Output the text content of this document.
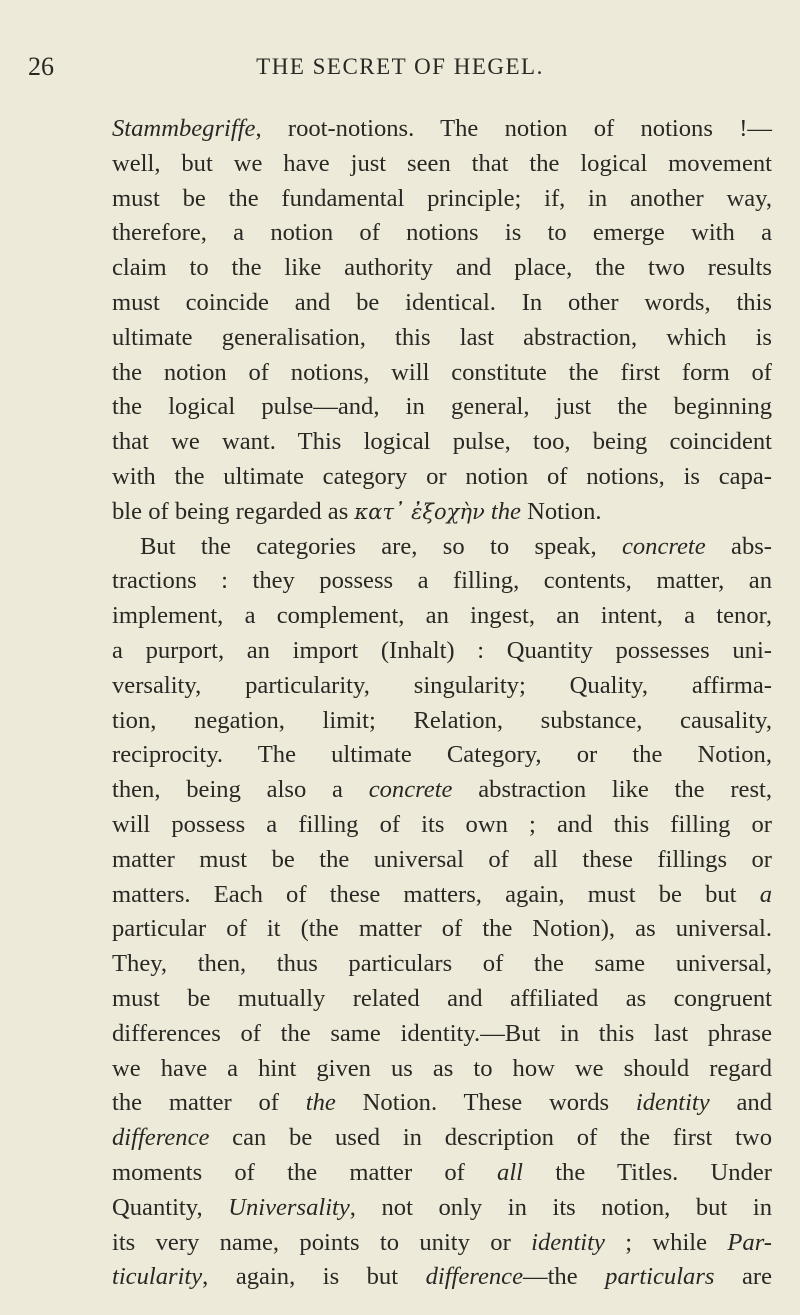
26	THE SECRET OF HEGEL.
Stammbegriffe, root-notions. The notion of notions !—
well, but we have just seen that the logical movement
must be the fundamental principle; if, in another way,
therefore, a notion of notions is to emerge with a
claim to the like authority and place, the two results
must coincide and be identical. In other words, this
ultimate generalisation, this last abstraction, which is
the notion of notions, will constitute the first form of
the logical pulse—and, in general, just the beginning
that we want. This logical pulse, too, being coincident
with the ultimate category or notion of notions, is capa-
ble of being regarded as κατ᾽ ἐξοχὴν the Notion.
But the categories are, so to speak, concrete abs-
tractions : they possess a filling, contents, matter, an
implement, a complement, an ingest, an intent, a tenor,
a purport, an import (Inhalt) : Quantity possesses uni-
versality, particularity, singularity; Quality, affirma-
tion, negation, limit; Relation, substance, causality,
reciprocity. The ultimate Category, or the Notion,
then, being also a concrete abstraction like the rest,
will possess a filling of its own ; and this filling or
matter must be the universal of all these fillings or
matters. Each of these matters, again, must be but a
particular of it (the matter of the Notion), as universal.
They, then, thus particulars of the same universal,
must be mutually related and affiliated as congruent
differences of the same identity.—But in this last phrase
we have a hint given us as to how we should regard
the matter of the Notion. These words identity and
difference can be used in description of the first two
moments of the matter of all the Titles. Under
Quantity, Universality, not only in its notion, but in
its very name, points to unity or identity ; while Par-
ticularity, again, is but difference—the particulars are
